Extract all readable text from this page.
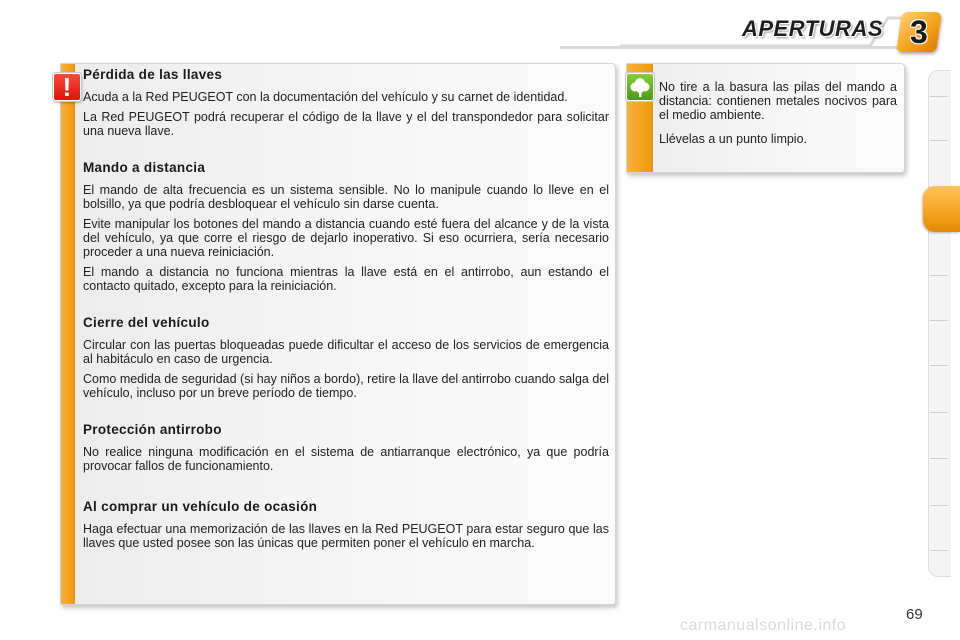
APERTURAS 3
! Pérdida de las llaves

Acuda a la Red PEUGEOT con la documentación del vehículo y su carnet de identidad.

La Red PEUGEOT podrá recuperar el código de la llave y el del transpondedor para solicitar una nueva llave.

Mando a distancia

El mando de alta frecuencia es un sistema sensible. No lo manipule cuando lo lleve en el bolsillo, ya que podría desbloquear el vehículo sin darse cuenta.

Evite manipular los botones del mando a distancia cuando esté fuera del alcance y de la vista del vehículo, ya que corre el riesgo de dejarlo inoperativo. Si eso ocurriera, sería necesario proceder a una nueva reiniciación.

El mando a distancia no funciona mientras la llave está en el antirrobo, aun estando el contacto quitado, excepto para la reiniciación.

Cierre del vehículo

Circular con las puertas bloqueadas puede dificultar el acceso de los servicios de emergencia al habitáculo en caso de urgencia.

Como medida de seguridad (si hay niños a bordo), retire la llave del antirrobo cuando salga del vehículo, incluso por un breve período de tiempo.

Protección antirrobo

No realice ninguna modificación en el sistema de antiarranque electrónico, ya que podría provocar fallos de funcionamiento.

Al comprar un vehículo de ocasión

Haga efectuar una memorización de las llaves en la Red PEUGEOT para estar seguro que las llaves que usted posee son las únicas que permiten poner el vehículo en marcha.

No tire a la basura las pilas del mando a distancia: contienen metales nocivos para el medio ambiente.

Llévelas a un punto limpio.

69
carmanualsonline.info
